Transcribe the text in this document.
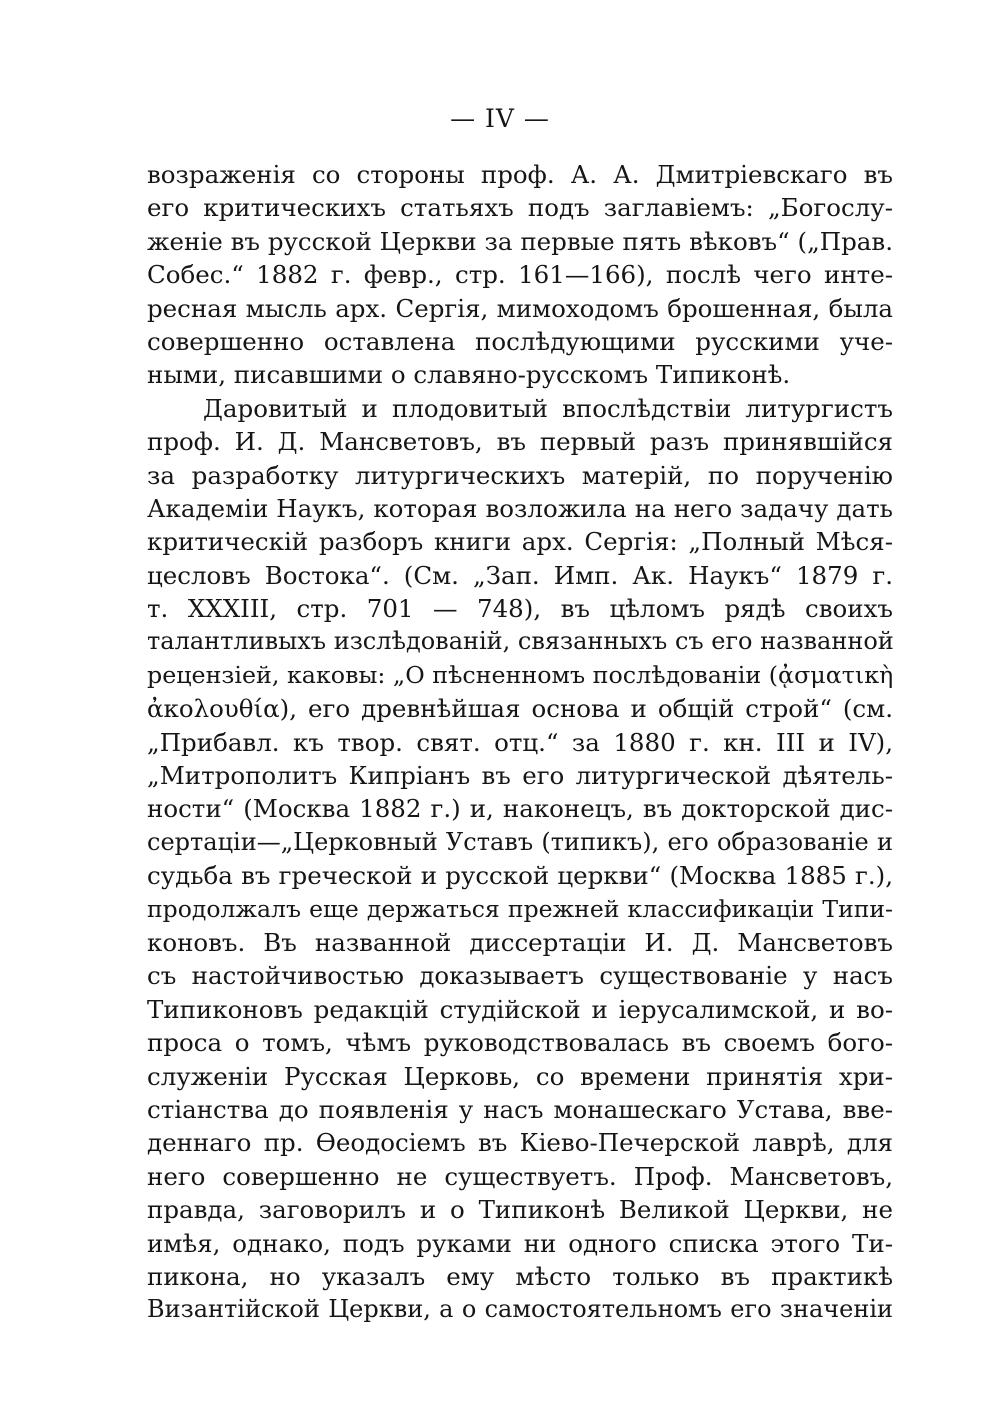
— IV —
возраженія со стороны проф. А. А. Дмитріевскаго въ
его критическихъ статьяхъ подъ заглавіемъ: „Богослу-
женіе въ русской Церкви за первые пять вѣковъ“ („Прав.
Собес.“ 1882 г. февр., стр. 161—166), послѣ чего инте-
ресная мысль арх. Сергія, мимоходомъ брошенная, была
совершенно оставлена послѣдующими русскими уче-
ными, писавшими о славяно-русскомъ Типиконѣ.
Даровитый и плодовитый впослѣдствіи литургистъ
проф. И. Д. Мансветовъ, въ первый разъ принявшійся
за разработку литургическихъ матерій, по порученію
Академіи Наукъ, которая возложила на него задачу дать
критическій разборъ книги арх. Сергія: „Полный Мѣся-
цесловъ Востока“. (См. „Зап. Имп. Ак. Наукъ“ 1879 г.
т. XXXIII, стр. 701 — 748), въ цѣломъ рядѣ своихъ
талантливыхъ изслѣдованій, связанныхъ съ его названной
рецензіей, каковы: „О пѣсненномъ послѣдованіи (ᾀσματικὴ
ἀκολουθία), его древнѣйшая основа и общій строй“ (см.
„Прибавл. къ твор. свят. отц.“ за 1880 г. кн. III и IV),
„Митрополитъ Кипріанъ въ его литургической дѣятель-
ности“ (Москва 1882 г.) и, наконецъ, въ докторской дис-
сертаціи—„Церковный Уставъ (типикъ), его образованіе и
судьба въ греческой и русской церкви“ (Москва 1885 г.),
продолжалъ еще держаться прежней классификаціи Типи-
коновъ. Въ названной диссертаціи И. Д. Мансветовъ
съ настойчивостью доказываетъ существованіе у насъ
Типиконовъ редакцій студійской и іерусалимской, и во-
проса о томъ, чѣмъ руководствовалась въ своемъ бого-
служеніи Русская Церковь, со времени принятія хри-
стіанства до появленія у насъ монашескаго Устава, вве-
деннаго пр. Ѳеодосіемъ въ Кіево-Печерской лаврѣ, для
него совершенно не существуетъ. Проф. Мансветовъ,
правда, заговорилъ и о Типиконѣ Великой Церкви, не
имѣя, однако, подъ руками ни одного списка этого Ти-
пикона, но указалъ ему мѣсто только въ практикѣ
Византійской Церкви, а о самостоятельномъ его значеніи
